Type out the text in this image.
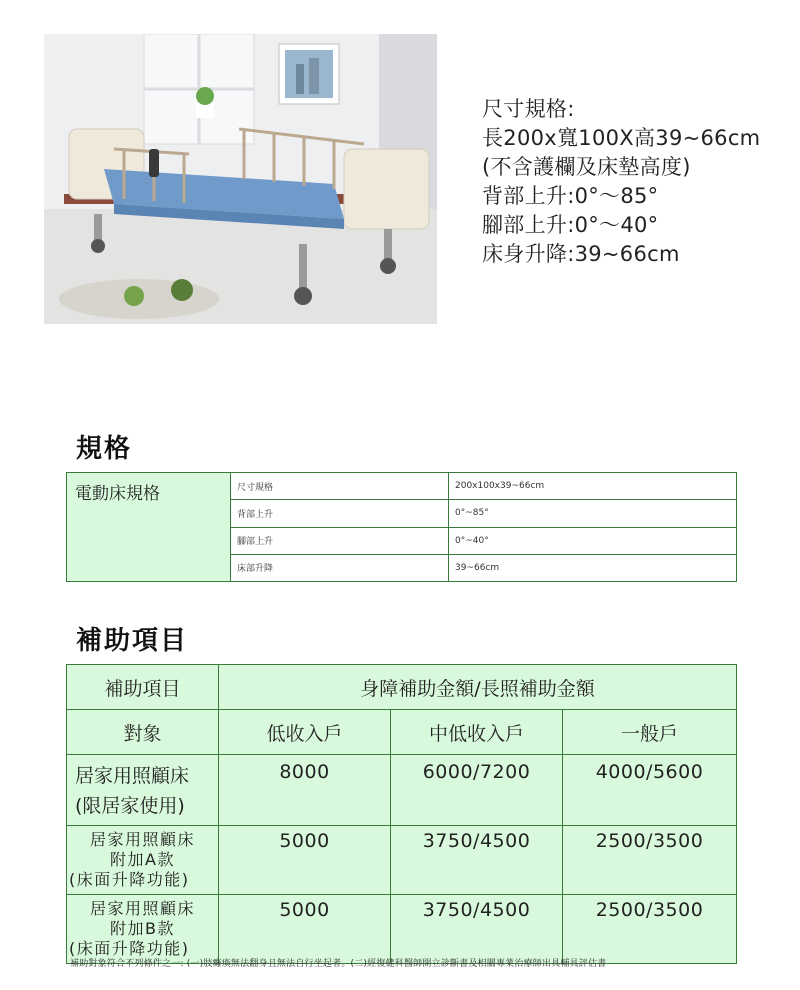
尺寸規格:
長200x寬100X高39~66cm
(不含護欄及床墊高度)
背部上升:0°～85°
腳部上升:0°～40°
床身升降:39~66cm
規格
電動床規格	尺寸規格	200x100x39~66cm
	背部上升	0°~85°
	腳部上升	0°~40°
	床部升降	39~66cm
補助項目
補助項目	身障補助金額/長照補助金額		
對象	低收入戶	中低收入戶	一般戶

居家用照顧床
(限居家使用)	8000	6000/7200	4000/5600

居家用照顧床
附加A款
(床面升降功能)	5000	3750/4500	2500/3500

居家用照顧床
附加B款
(床面升降功能)	5000	3750/4500	2500/3500
補助對象符合不列條件之一: (一)肢癱瘓無法翻身且無法自行坐起者。(二)經復健科醫師開立診斷書及相關專業治療師出具輔具評估書
